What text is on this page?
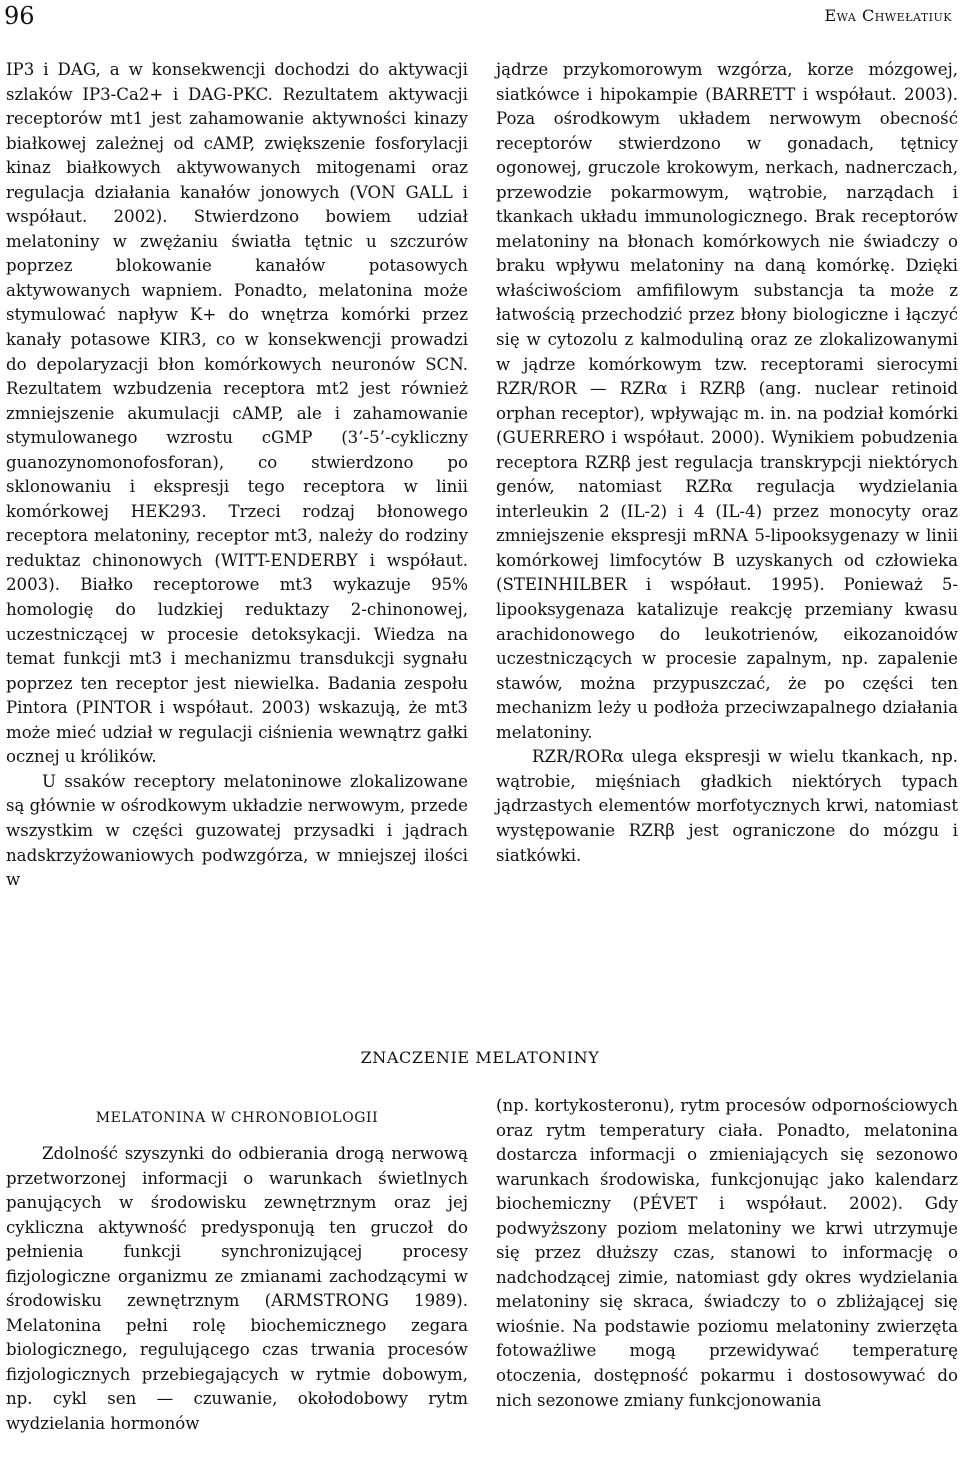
96	Ewa Chwełatiuk

IP3 i DAG, a w konsekwencji dochodzi do aktywacji szlaków IP3-Ca2+ i DAG-PKC. Rezultatem aktywacji receptorów mt1 jest zahamowanie aktywności kinazy białkowej zależnej od cAMP, zwiększenie fosforylacji kinaz białkowych aktywowanych mitogenami oraz regulacja działania kanałów jonowych (VON GALL i współaut. 2002). Stwierdzono bowiem udział melatoniny w zwężaniu światła tętnic u szczurów poprzez blokowanie kanałów potasowych aktywowanych wapniem. Ponadto, melatonina może stymulować napływ K+ do wnętrza komórki przez kanały potasowe KIR3, co w konsekwencji prowadzi do depolaryzacji błon komórkowych neuronów SCN. Rezultatem wzbudzenia receptora mt2 jest również zmniejszenie akumulacji cAMP, ale i zahamowanie stymulowanego wzrostu cGMP (3’-5’-cykliczny guanozynomonofosforan), co stwierdzono po sklonowaniu i ekspresji tego receptora w linii komórkowej HEK293. Trzeci rodzaj błonowego receptora melatoniny, receptor mt3, należy do rodziny reduktaz chinonowych (WITT-ENDERBY i współaut. 2003). Białko receptorowe mt3 wykazuje 95% homologię do ludzkiej reduktazy 2-chinonowej, uczestniczącej w procesie detoksykacji. Wiedza na temat funkcji mt3 i mechanizmu transdukcji sygnału poprzez ten receptor jest niewielka. Badania zespołu Pintora (PINTOR i współaut. 2003) wskazują, że mt3 może mieć udział w regulacji ciśnienia wewnątrz gałki ocznej u królików.

U ssaków receptory melatoninowe zlokalizowane są głównie w ośrodkowym układzie nerwowym, przede wszystkim w części guzowatej przysadki i jądrach nadskrzyżowaniowych podwzgórza, w mniejszej ilości w

jądrze przykomorowym wzgórza, korze mózgowej, siatkówce i hipokampie (BARRETT i współaut. 2003). Poza ośrodkowym układem nerwowym obecność receptorów stwierdzono w gonadach, tętnicy ogonowej, gruczole krokowym, nerkach, nadnerczach, przewodzie pokarmowym, wątrobie, narządach i tkankach układu immunologicznego. Brak receptorów melatoniny na błonach komórkowych nie świadczy o braku wpływu melatoniny na daną komórkę. Dzięki właściwościom amfifilowym substancja ta może z łatwością przechodzić przez błony biologiczne i łączyć się w cytozolu z kalmoduliną oraz ze zlokalizowanymi w jądrze komórkowym tzw. receptorami sierocymi RZR/ROR — RZRα i RZRβ (ang. nuclear retinoid orphan receptor), wpływając m. in. na podział komórki (GUERRERO i współaut. 2000). Wynikiem pobudzenia receptora RZRβ jest regulacja transkrypcji niektórych genów, natomiast RZRα regulacja wydzielania interleukin 2 (IL-2) i 4 (IL-4) przez monocyty oraz zmniejszenie ekspresji mRNA 5-lipooksygenazy w linii komórkowej limfocytów B uzyskanych od człowieka (STEINHILBER i współaut. 1995). Ponieważ 5-lipooksygenaza katalizuje reakcję przemiany kwasu arachidonowego do leukotrienów, eikozanoidów uczestniczących w procesie zapalnym, np. zapalenie stawów, można przypuszczać, że po części ten mechanizm leży u podłoża przeciwzapalnego działania melatoniny.

RZR/RORα ulega ekspresji w wielu tkankach, np. wątrobie, mięśniach gładkich niektórych typach jądrzastych elementów morfotycznych krwi, natomiast występowanie RZRβ jest ograniczone do mózgu i siatkówki.

ZNACZENIE MELATONINY
MELATONINA W CHRONOBIOLOGII

Zdolność szyszynki do odbierania drogą nerwową przetworzonej informacji o warunkach świetlnych panujących w środowisku zewnętrznym oraz jej cykliczna aktywność predysponują ten gruczoł do pełnienia funkcji synchronizującej procesy fizjologiczne organizmu ze zmianami zachodzącymi w środowisku zewnętrznym (ARMSTRONG 1989). Melatonina pełni rolę biochemicznego zegara biologicznego, regulującego czas trwania procesów fizjologicznych przebiegających w rytmie dobowym, np. cykl sen — czuwanie, okołodobowy rytm wydzielania hormonów

(np. kortykosteronu), rytm procesów odpornościowych oraz rytm temperatury ciała. Ponadto, melatonina dostarcza informacji o zmieniających się sezonowo warunkach środowiska, funkcjonując jako kalendarz biochemiczny (PÉVET i współaut. 2002). Gdy podwyższony poziom melatoniny we krwi utrzymuje się przez dłuższy czas, stanowi to informację o nadchodzącej zimie, natomiast gdy okres wydzielania melatoniny się skraca, świadczy to o zbliżającej się wiośnie. Na podstawie poziomu melatoniny zwierzęta fotoważliwe mogą przewidywać temperaturę otoczenia, dostępność pokarmu i dostosowywać do nich sezonowe zmiany funkcjonowania
